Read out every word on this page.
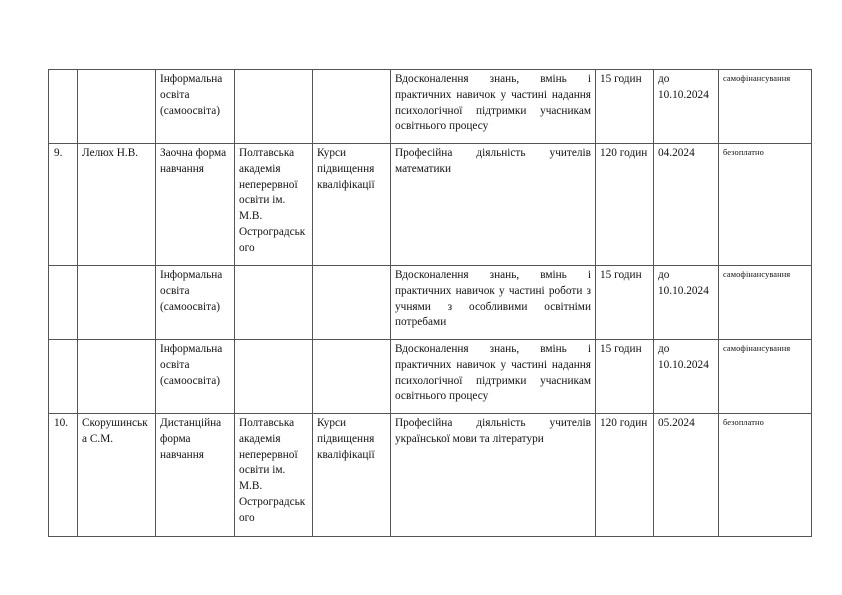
		Інформальна освіта (самоосвіта)			Вдосконалення знань, вмінь і практичних навичок у частині надання психологічної підтримки учасникам освітнього процесу	15 годин	до 10.10.2024	самофінансування
9.	Лелюх Н.В.	Заочна форма навчання	Полтавська академія неперервної освіти ім. М.В. Остроградського	Курси підвищення кваліфікації	Професійна діяльність учителів математики	120 годин	04.2024	безоплатно
		Інформальна освіта (самоосвіта)			Вдосконалення знань, вмінь і практичних навичок у частині роботи з учнями з особливими освітніми потребами	15 годин	до 10.10.2024	самофінансування
		Інформальна освіта (самоосвіта)			Вдосконалення знань, вмінь і практичних навичок у частині надання психологічної підтримки учасникам освітнього процесу	15 годин	до 10.10.2024	самофінансування
10.	Скорушинська С.М.	Дистанційна форма навчання	Полтавська академія неперервної освіти ім. М.В. Остроградського	Курси підвищення кваліфікації	Професійна діяльність учителів української мови та літератури	120 годин	05.2024	безоплатно
